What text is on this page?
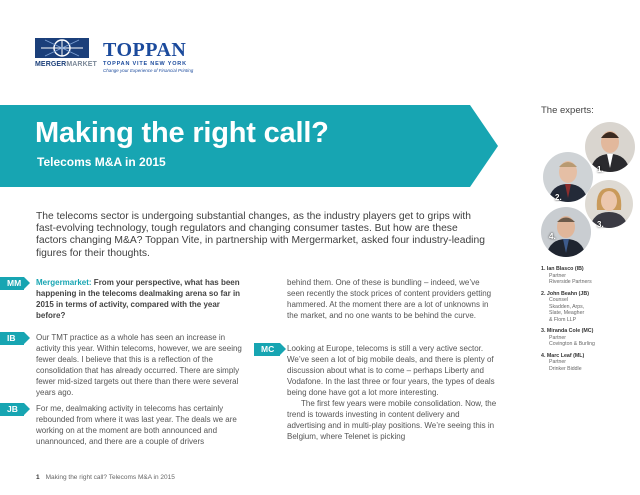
MERGERMARKET
TOPPAN
TOPPAN VITE NEW YORK
Change your Experience of Financial Printing
Making the right call?
Telecoms M&A in 2015
The telecoms sector is undergoing substantial changes, as the industry players get to grips with fast-evolving technology, tough regulators and changing consumer tastes. But how are these factors changing M&A? Toppan Vite, in partnership with Mergermarket, asked four industry-leading figures for their thoughts.
MM	Mergermarket: From your perspective, what has been happening in the telecoms dealmaking arena so far in 2015 in terms of activity, compared with the year before?
IB	Our TMT practice as a whole has seen an increase in activity this year. Within telecoms, however, we are seeing fewer deals. I believe that this is a reflection of the consolidation that has already occurred. There are simply fewer mid-sized targets out there than there were several years ago.
JB	For me, dealmaking activity in telecoms has certainly rebounded from where it was last year. The deals we are working on at the moment are both announced and unannounced, and there are a couple of drivers
behind them. One of these is bundling – indeed, we’ve seen recently the stock prices of content providers getting hammered. At the moment there are a lot of unknowns in the market, and no one wants to be behind the curve.
MC	Looking at Europe, telecoms is still a very active sector. We’ve seen a lot of big mobile deals, and there is plenty of discussion about what is to come – perhaps Liberty and Vodafone. In the last three or four years, the types of deals being done have got a lot more interesting.
The first few years were mobile consolidation. Now, the trend is towards investing in content delivery and advertising and in multi-play positions. We’re seeing this in Belgium, where Telenet is picking
1 Making the right call? Telecoms M&A in 2015
The experts:
1.
2.
3.
4.
1. Ian Blasco (IB)
Partner
Riverside Partners
2. John Beahn (JB)
Counsel
Skadden, Arps,
Slate, Meagher
& Flom LLP
3. Miranda Cole (MC)
Partner
Covington & Burling
4. Marc Leaf (ML)
Partner
Drinker Biddle
